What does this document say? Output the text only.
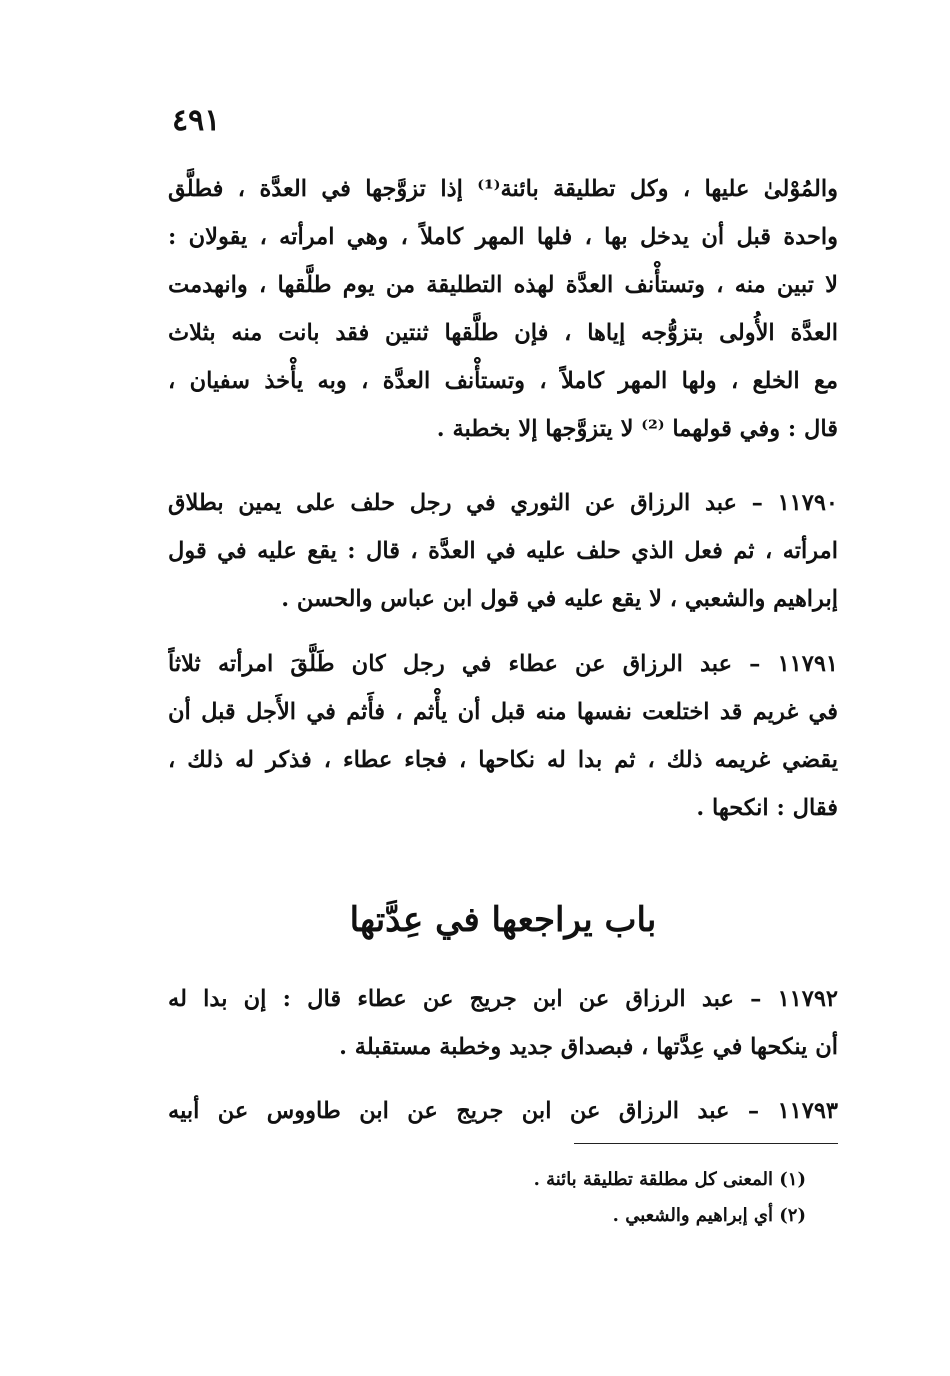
٤٩١
والمُوْلىٰ عليها ، وكل تطليقة بائنة⁽¹⁾ إذا تزوَّجها في العدَّة ، فطلَّق
واحدة قبل أن يدخل بها ، فلها المهر كاملاً ، وهي امرأته ، يقولان :
لا تبين منه ، وتستأْنف العدَّة لهذه التطليقة من يوم طلَّقها ، وانهدمت
العدَّة الأُولى بتزوُّجه إياها ، فإن طلَّقها ثنتين فقد بانت منه بثلاث
مع الخلع ، ولها المهر كاملاً ، وتستأْنف العدَّة ، وبه يأْخذ سفيان ،
قال : وفي قولهما ⁽²⁾ لا يتزوَّجها إلا بخطبة .
١١٧٩٠ – عبد الرزاق عن الثوري في رجل حلف على يمين بطلاق
امرأته ، ثم فعل الذي حلف عليه في العدَّة ، قال : يقع عليه في قول
إبراهيم والشعبي ، لا يقع عليه في قول ابن عباس والحسن .
١١٧٩١ – عبد الرزاق عن عطاء في رجل كان طَلَّقَ امرأته ثلاثاً
في غريم قد اختلعت نفسها منه قبل أن يأْثم ، فأَثم في الأَجل قبل أن
يقضي غريمه ذلك ، ثم بدا له نكاحها ، فجاء عطاء ، فذكر له ذلك ،
فقال : انكحها .
باب يراجعها في عِدَّتها
١١٧٩٢ – عبد الرزاق عن ابن جريج عن عطاء قال : إن بدا له
أن ينكحها في عِدَّتها ، فبصداق جديد وخطبة مستقبلة .
١١٧٩٣ – عبد الرزاق عن ابن جريج عن ابن طاووس عن أبيه
(١) المعنى كل مطلقة تطليقة بائنة .
(٢) أي إبراهيم والشعبي .
